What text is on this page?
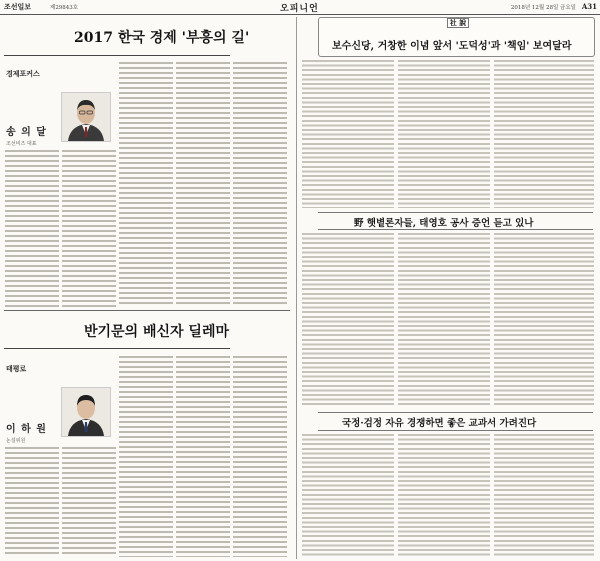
조선일보	제29843호	오피니언	2018년 12월 28일 금요일 A31
2017 한국 경제 '부흥의 길'
경제포커스
송 의 달
조선비즈 대표
반기문의 배신자 딜레마
태평로
이 하 원
논설위원
社 說
보수신당, 거창한 이념 앞서 '도덕성'과 '책임' 보여달라
野 햇볕론자들, 태영호 공사 증언 듣고 있나
국정·검정 자유 경쟁하면 좋은 교과서 가려진다
